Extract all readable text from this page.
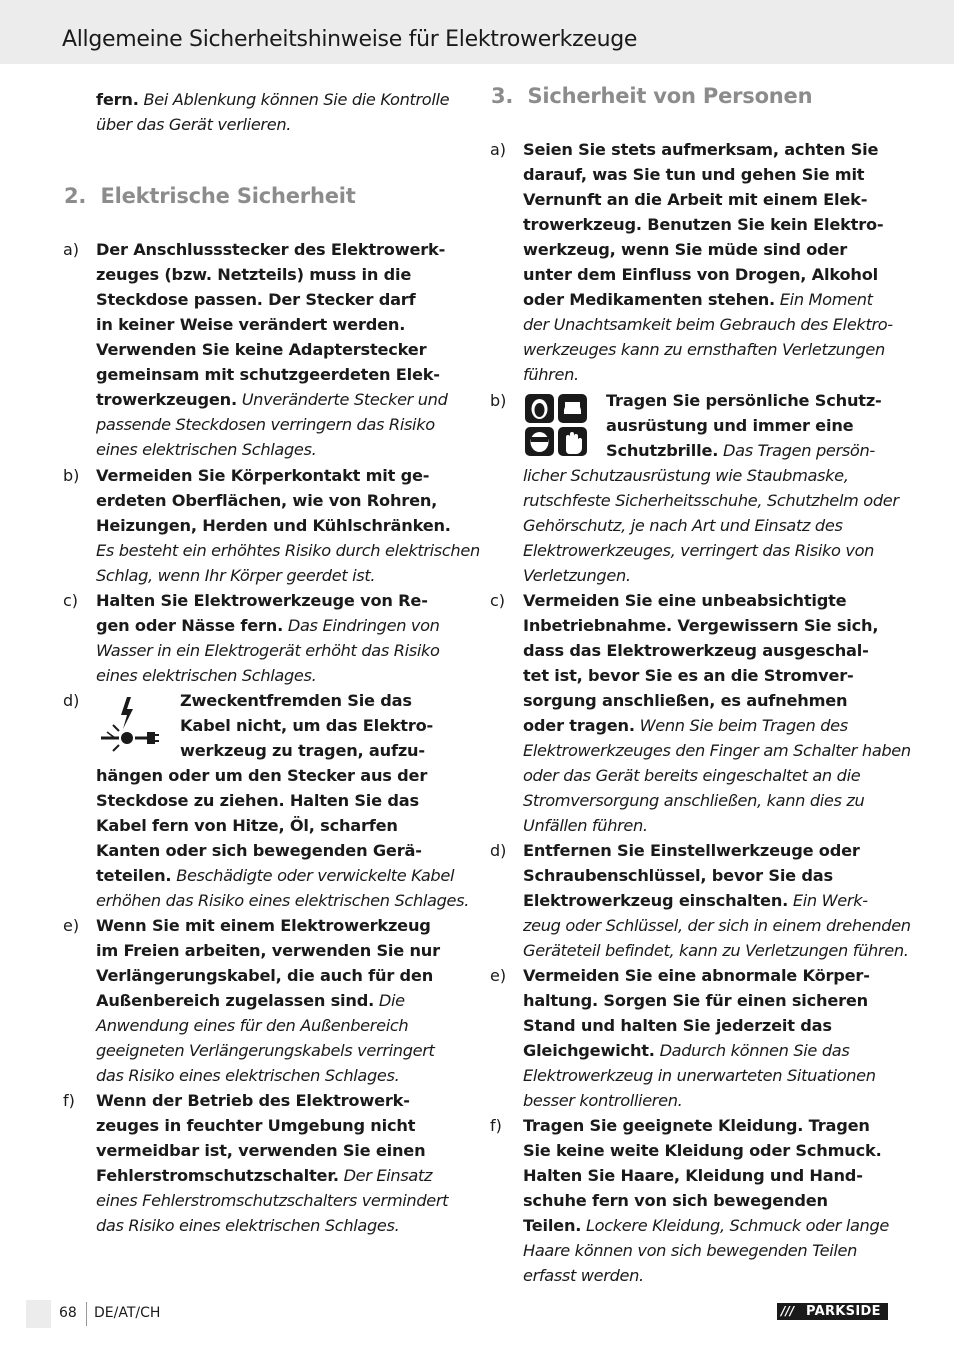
Allgemeine Sicherheitshinweise für Elektrowerkzeuge
fern. Bei Ablenkung können Sie die Kontrolle
über das Gerät verlieren.
2. Elektrische Sicherheit
a) Der Anschlussstecker des Elektrowerk-
zeuges (bzw. Netzteils) muss in die
Steckdose passen. Der Stecker darf
in keiner Weise verändert werden.
Verwenden Sie keine Adapterstecker
gemeinsam mit schutzgeerdeten Elek-
trowerkzeugen. Unveränderte Stecker und
passende Steckdosen verringern das Risiko
eines elektrischen Schlages.
b) Vermeiden Sie Körperkontakt mit ge-
erdeten Oberflächen, wie von Rohren,
Heizungen, Herden und Kühlschränken.
Es besteht ein erhöhtes Risiko durch elektrischen
Schlag, wenn Ihr Körper geerdet ist.
c) Halten Sie Elektrowerkzeuge von Re-
gen oder Nässe fern. Das Eindringen von
Wasser in ein Elektrogerät erhöht das Risiko
eines elektrischen Schlages.
d)	Zweckentfremden Sie das
Kabel nicht, um das Elektro-
werkzeug zu tragen, aufzu-
hängen oder um den Stecker aus der
Steckdose zu ziehen. Halten Sie das
Kabel fern von Hitze, Öl, scharfen
Kanten oder sich bewegenden Gerä-
teteilen. Beschädigte oder verwickelte Kabel
erhöhen das Risiko eines elektrischen Schlages.
e) Wenn Sie mit einem Elektrowerkzeug
im Freien arbeiten, verwenden Sie nur
Verlängerungskabel, die auch für den
Außenbereich zugelassen sind. Die
Anwendung eines für den Außenbereich
geeigneten Verlängerungskabels verringert
das Risiko eines elektrischen Schlages.
f) Wenn der Betrieb des Elektrowerk-
zeuges in feuchter Umgebung nicht
vermeidbar ist, verwenden Sie einen
Fehlerstromschutzschalter. Der Einsatz
eines Fehlerstromschutzschalters vermindert
das Risiko eines elektrischen Schlages.
3. Sicherheit von Personen
a) Seien Sie stets aufmerksam, achten Sie
darauf, was Sie tun und gehen Sie mit
Vernunft an die Arbeit mit einem Elek-
trowerkzeug. Benutzen Sie kein Elektro-
werkzeug, wenn Sie müde sind oder
unter dem Einfluss von Drogen, Alkohol
oder Medikamenten stehen. Ein Moment
der Unachtsamkeit beim Gebrauch des Elektro-
werkzeuges kann zu ernsthaften Verletzungen
führen.
b)	Tragen Sie persönliche Schutz-
ausrüstung und immer eine
Schutzbrille. Das Tragen persön-
licher Schutzausrüstung wie Staubmaske,
rutschfeste Sicherheitsschuhe, Schutzhelm oder
Gehörschutz, je nach Art und Einsatz des
Elektrowerkzeuges, verringert das Risiko von
Verletzungen.
c) Vermeiden Sie eine unbeabsichtigte
Inbetriebnahme. Vergewissern Sie sich,
dass das Elektrowerkzeug ausgeschal-
tet ist, bevor Sie es an die Stromver-
sorgung anschließen, es aufnehmen
oder tragen. Wenn Sie beim Tragen des
Elektrowerkzeuges den Finger am Schalter haben
oder das Gerät bereits eingeschaltet an die
Stromversorgung anschließen, kann dies zu
Unfällen führen.
d) Entfernen Sie Einstellwerkzeuge oder
Schraubenschlüssel, bevor Sie das
Elektrowerkzeug einschalten. Ein Werk-
zeug oder Schlüssel, der sich in einem drehenden
Geräteteil befindet, kann zu Verletzungen führen.
e) Vermeiden Sie eine abnormale Körper-
haltung. Sorgen Sie für einen sicheren
Stand und halten Sie jederzeit das
Gleichgewicht. Dadurch können Sie das
Elektrowerkzeug in unerwarteten Situationen
besser kontrollieren.
f) Tragen Sie geeignete Kleidung. Tragen
Sie keine weite Kleidung oder Schmuck.
Halten Sie Haare, Kleidung und Hand-
schuhe fern von sich bewegenden
Teilen. Lockere Kleidung, Schmuck oder lange
Haare können von sich bewegenden Teilen
erfasst werden.
68 DE/AT/CH	/// PARKSIDE
